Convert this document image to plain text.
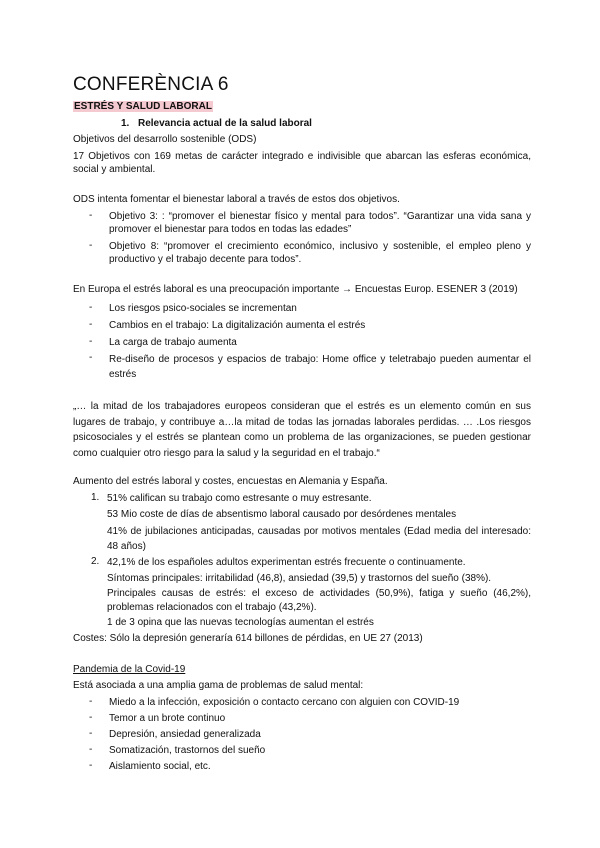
CONFERÈNCIA 6
ESTRÉS Y SALUD LABORAL
1. Relevancia actual de la salud laboral
Objetivos del desarrollo sostenible (ODS)
17 Objetivos con 169 metas de carácter integrado e indivisible que abarcan las esferas económica, social y ambiental.
ODS intenta fomentar el bienestar laboral a través de estos dos objetivos.
- Objetivo 3: : “promover el bienestar físico y mental para todos”. “Garantizar una vida sana y promover el bienestar para todos en todas las edades”
- Objetivo 8: “promover el crecimiento económico, inclusivo y sostenible, el empleo pleno y productivo y el trabajo decente para todos”.
En Europa el estrés laboral es una preocupación importante → Encuestas Europ. ESENER 3 (2019)
- Los riesgos psico-sociales se incrementan
- Cambios en el trabajo: La digitalización aumenta el estrés
- La carga de trabajo aumenta
- Re-diseño de procesos y espacios de trabajo: Home office y teletrabajo pueden aumentar el estrés
„… la mitad de los trabajadores europeos consideran que el estrés es un elemento común en sus lugares de trabajo, y contribuye a…la mitad de todas las jornadas laborales perdidas. … .Los riesgos psicosociales y el estrés se plantean como un problema de las organizaciones, se pueden gestionar como cualquier otro riesgo para la salud y la seguridad en el trabajo.“
Aumento del estrés laboral y costes, encuestas en Alemania y España.
1. 51% califican su trabajo como estresante o muy estresante.
53 Mio coste de días de absentismo laboral causado por desórdenes mentales
41% de jubilaciones anticipadas, causadas por motivos mentales (Edad media del interesado: 48 años)
2. 42,1% de los españoles adultos experimentan estrés frecuente o continuamente.
Síntomas principales: irritabilidad (46,8), ansiedad (39,5) y trastornos del sueño (38%).
Principales causas de estrés: el exceso de actividades (50,9%), fatiga y sueño (46,2%), problemas relacionados con el trabajo (43,2%).
1 de 3 opina que las nuevas tecnologías aumentan el estrés
Costes: Sólo la depresión generaría 614 billones de pérdidas, en UE 27 (2013)
Pandemia de la Covid-19
Está asociada a una amplia gama de problemas de salud mental:
- Miedo a la infección, exposición o contacto cercano con alguien con COVID-19
- Temor a un brote continuo
- Depresión, ansiedad generalizada
- Somatización, trastornos del sueño
- Aislamiento social, etc.
